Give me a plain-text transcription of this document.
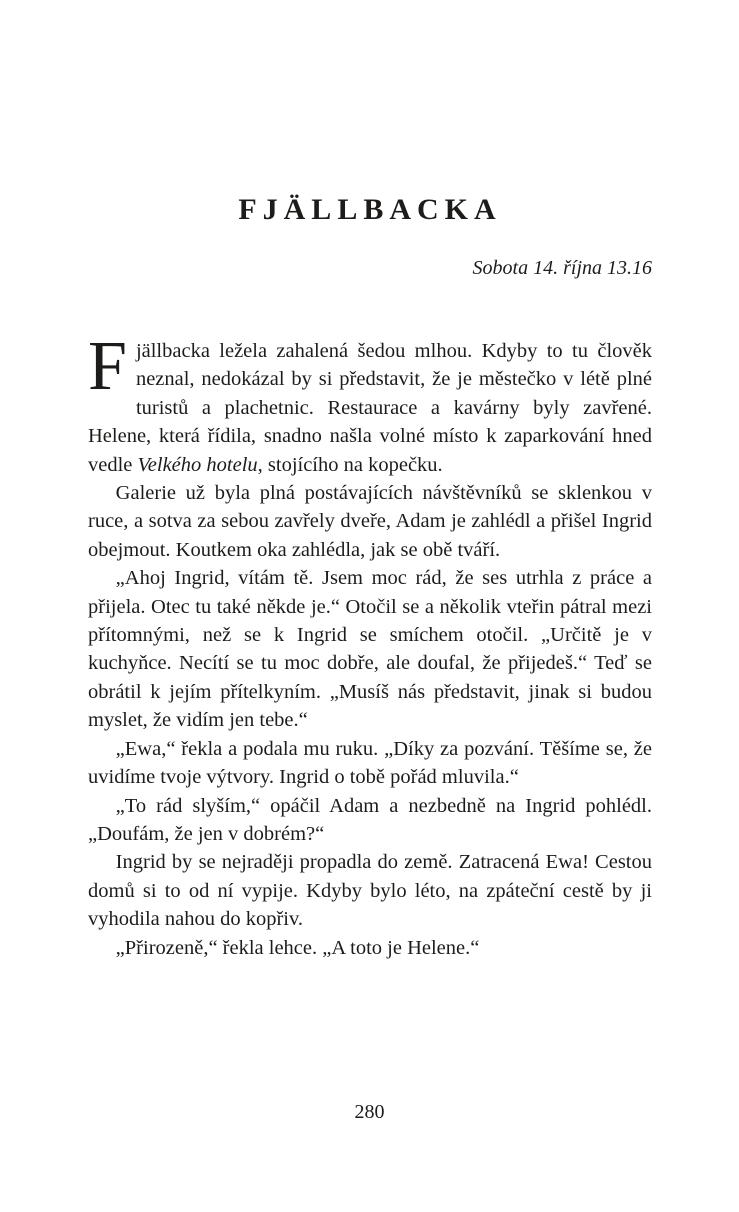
FJÄLLBACKA

Sobota 14. října 13.16

Fjällbacka ležela zahalená šedou mlhou. Kdyby to tu člověk neznal, nedokázal by si představit, že je městečko v létě plné turistů a plachetnic. Restaurace a kavárny byly zavřené. Helene, která řídila, snadno našla volné místo k zaparkování hned vedle Velkého hotelu, stojícího na kopečku.

Galerie už byla plná postávajících návštěvníků se sklenkou v ruce, a sotva za sebou zavřely dveře, Adam je zahlédl a přišel Ingrid obejmout. Koutkem oka zahlédla, jak se obě tváří.

„Ahoj Ingrid, vítám tě. Jsem moc rád, že ses utrhla z práce a přijela. Otec tu také někde je.“ Otočil se a několik vteřin pátral mezi přítomnými, než se k Ingrid se smíchem otočil. „Určitě je v kuchyňce. Necítí se tu moc dobře, ale doufal, že přijedeš.“ Teď se obrátil k jejím přítelkyním. „Musíš nás představit, jinak si budou myslet, že vidím jen tebe.“

„Ewa,“ řekla a podala mu ruku. „Díky za pozvání. Těšíme se, že uvidíme tvoje výtvory. Ingrid o tobě pořád mluvila.“

„To rád slyším,“ opáčil Adam a nezbedně na Ingrid pohlédl. „Doufám, že jen v dobrém?“

Ingrid by se nejraději propadla do země. Zatracená Ewa! Cestou domů si to od ní vypije. Kdyby bylo léto, na zpáteční cestě by ji vyhodila nahou do kopřiv.

„Přirozeně,“ řekla lehce. „A toto je Helene.“

280
